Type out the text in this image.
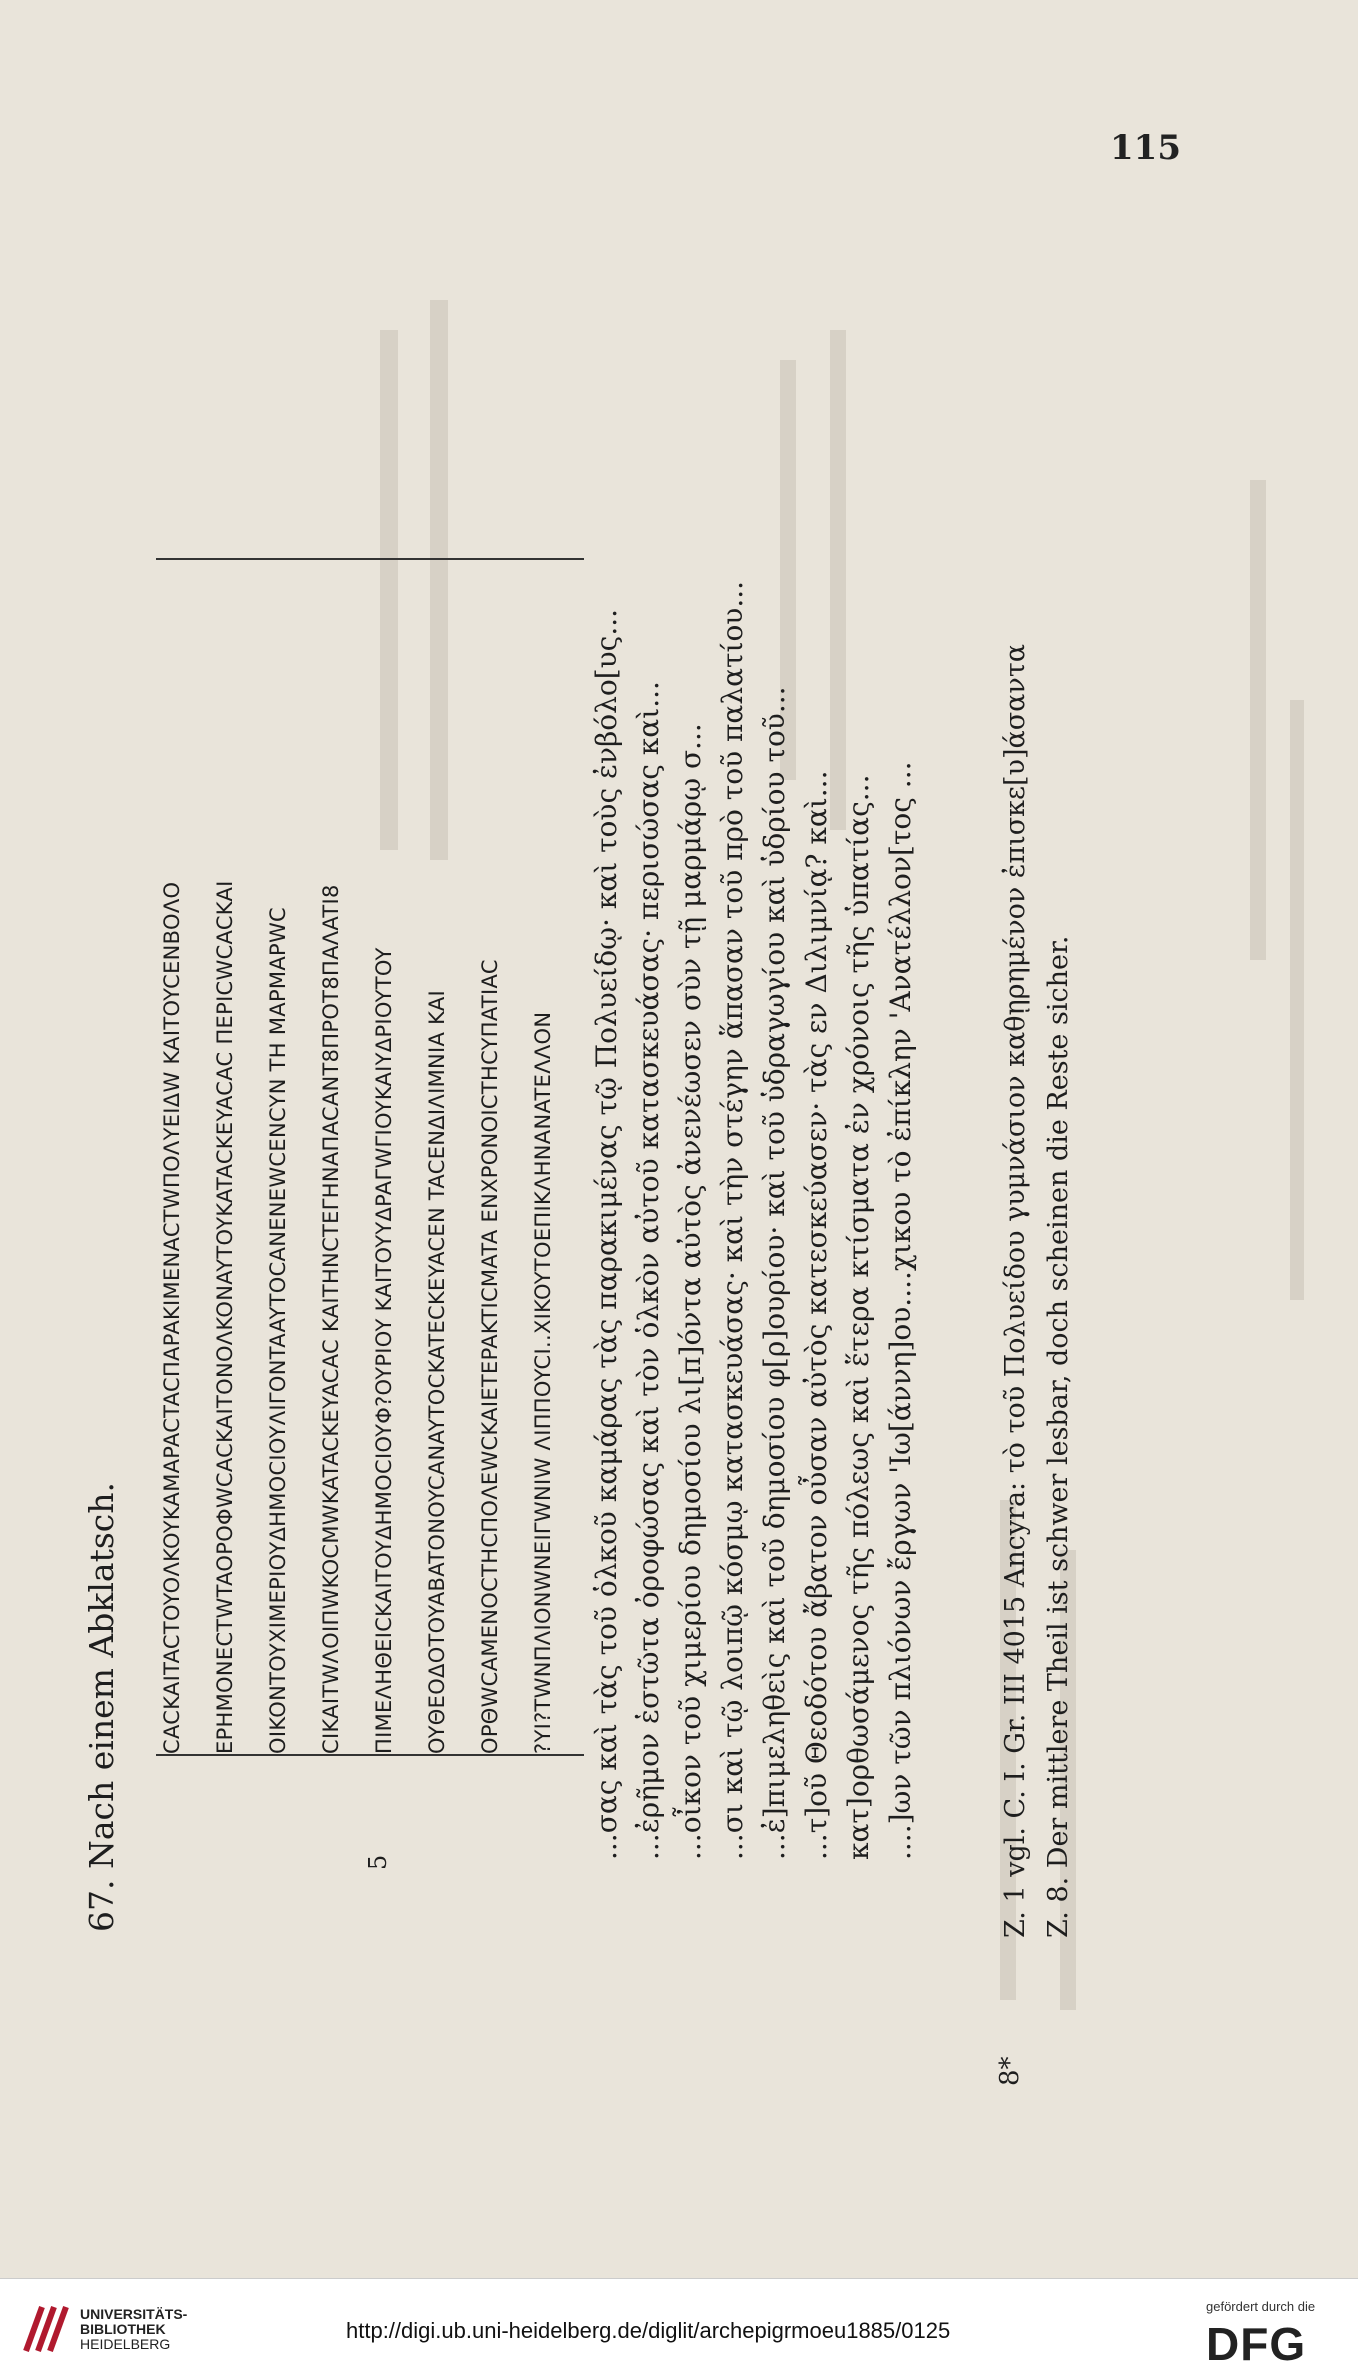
115
67. Nach einem Abklatsch.	5
CACKAITACTOYOΛKOYKAMAPACTACΠAPAKIMENACTWΠOΛYEIΔW KAITOYCENBOΛO EPHMONECTWTAOPOΦWCACKAITONOΛKONAYTOYKATACKEYACAC ΠEPICWCACKAI OIKONTOYXIMEPIOYΔHMOCIOYΛIΓONTAAYTOCANENEWCENCYN TH MAPMAPWC CIKAITWΛOIΠWKOCMWKATACKEYACAC KAITHNCTEΓHNAΠACANT8ΠPOT8ΠAΛATI8 ΠIMEΛHΘEICKAITOYΔHMOCIOYΦ?OYPIOY KAITOYYΔPAΓWΓIOYKAIYΔPIOYTOY OYΘEOΔOTOYABATONOYCANAYTOCKATECKEYACEN TACENΔIΛIMNIA KAI OPΘWCAMENOCTHCΠOΛEWCKAIETEPAKTICMATA ENXPONOICTHCYΠATIAC ?YI?TWNΠΛIONWNEIΓWNIW ΛIΠΠOYCI..XIKOYTOEΠIKΛHNANATEΛΛON ...σας καὶ τὰς τοῦ ὁλκοῦ καμάρας τὰς παρακιμένας τῷ Πολυείδῳ· καὶ τοὺς ἐνβόλο[υς... ...ἐρῆμον ἑστῶτα ὀροφώσας καὶ τὸν ὁλκὸν αὐτοῦ κατασκευάσας· περισώσας καὶ... ...οἶκον τοῦ χιμερίου δημοσίου λι[π]όντα αὐτὸς ἀνενέωσεν σὺν τῇ μαρμάρῳ σ... ...σι καὶ τῷ λοιπῷ κόσμῳ κατασκευάσας· καὶ τὴν στέγην ἅπασαν τοῦ πρὸ τοῦ παλατίου... ...ἐ]πιμεληθεὶς καὶ τοῦ δημοσίου φ[ρ]ουρίου· καὶ τοῦ ὑδραγωγίου καὶ ὑδρίου τοῦ... ...τ]οῦ Θεοδότου ἄβατον οὖσαν αὐτὸς κατεσκεύασεν· τὰς εν Διλιμνίᾳ? καὶ... κατ]ορθωσάμενος τῆς πόλεως καὶ ἕτερα κτίσματα ἐν χρόνοις τῆς ὑπατίας... ....]ων τῶν πλιόνων ἔργων 'Ιω[άννη]ου....χικου τὸ ἐπίκλην 'Ανατέλλον[τος ...	Z. 1 vgl. C. I. Gr. III 4015 Ancyra: τὸ τοῦ Πολυείδου γυμνάσιον καθῃρημένον ἐπισκε[υ]άσαντα Z. 8. Der mittlere Theil ist schwer lesbar, doch scheinen die Reste sicher.
8*
UNIVERSITÄTS-
BIBLIOTHEK
HEIDELBERG
http://digi.ub.uni-heidelberg.de/diglit/archepigrmoeu1885/0125
gefördert durch die
DFG
